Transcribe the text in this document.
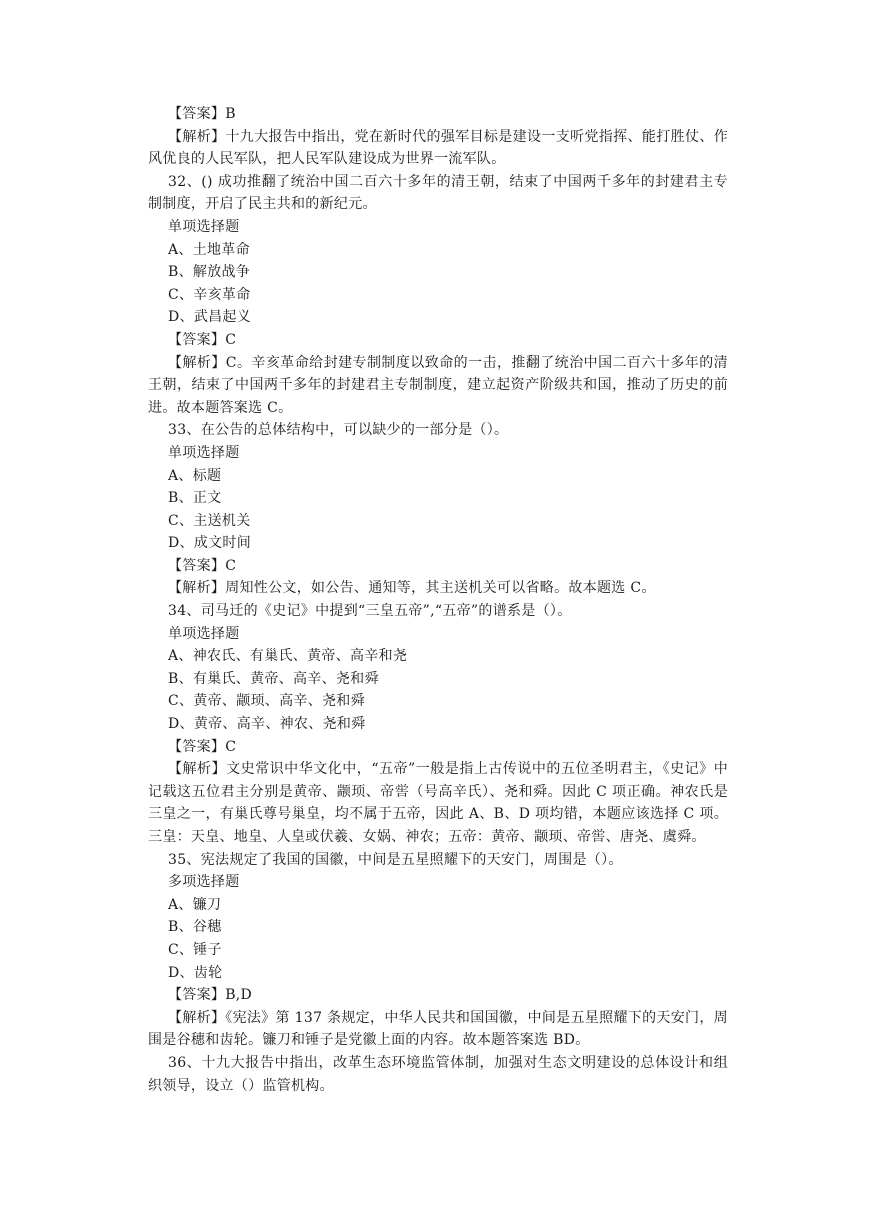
【答案】B

【解析】十九大报告中指出，党在新时代的强军目标是建设一支听党指挥、能打胜仗、作风优良的人民军队，把人民军队建设成为世界一流军队。

32、() 成功推翻了统治中国二百六十多年的清王朝，结束了中国两千多年的封建君主专制制度，开启了民主共和的新纪元。

单项选择题

A、土地革命

B、解放战争

C、辛亥革命

D、武昌起义

【答案】C

【解析】C。辛亥革命给封建专制制度以致命的一击，推翻了统治中国二百六十多年的清王朝，结束了中国两千多年的封建君主专制制度，建立起资产阶级共和国，推动了历史的前进。故本题答案选 C。

33、在公告的总体结构中，可以缺少的一部分是（）。

单项选择题

A、标题

B、正文

C、主送机关

D、成文时间

【答案】C

【解析】周知性公文，如公告、通知等，其主送机关可以省略。故本题选 C。

34、司马迁的《史记》中提到“三皇五帝”,“五帝”的谱系是（）。

单项选择题

A、神农氏、有巢氏、黄帝、高辛和尧

B、有巢氏、黄帝、高辛、尧和舜

C、黄帝、颛顼、高辛、尧和舜

D、黄帝、高辛、神农、尧和舜

【答案】C

【解析】文史常识中华文化中，“五帝”一般是指上古传说中的五位圣明君主，《史记》中记载这五位君主分别是黄帝、颛顼、帝喾（号高辛氏）、尧和舜。因此 C 项正确。神农氏是三皇之一，有巢氏尊号巢皇，均不属于五帝，因此 A、B、D 项均错，本题应该选择 C 项。三皇：天皇、地皇、人皇或伏羲、女娲、神农；五帝：黄帝、颛顼、帝喾、唐尧、虞舜。

35、宪法规定了我国的国徽，中间是五星照耀下的天安门，周围是（）。

多项选择题

A、镰刀

B、谷穗

C、锤子

D、齿轮

【答案】B,D

【解析】《宪法》第 137 条规定，中华人民共和国国徽，中间是五星照耀下的天安门，周围是谷穗和齿轮。镰刀和锤子是党徽上面的内容。故本题答案选 BD。

36、十九大报告中指出，改革生态环境监管体制，加强对生态文明建设的总体设计和组织领导，设立（）监管机构。
